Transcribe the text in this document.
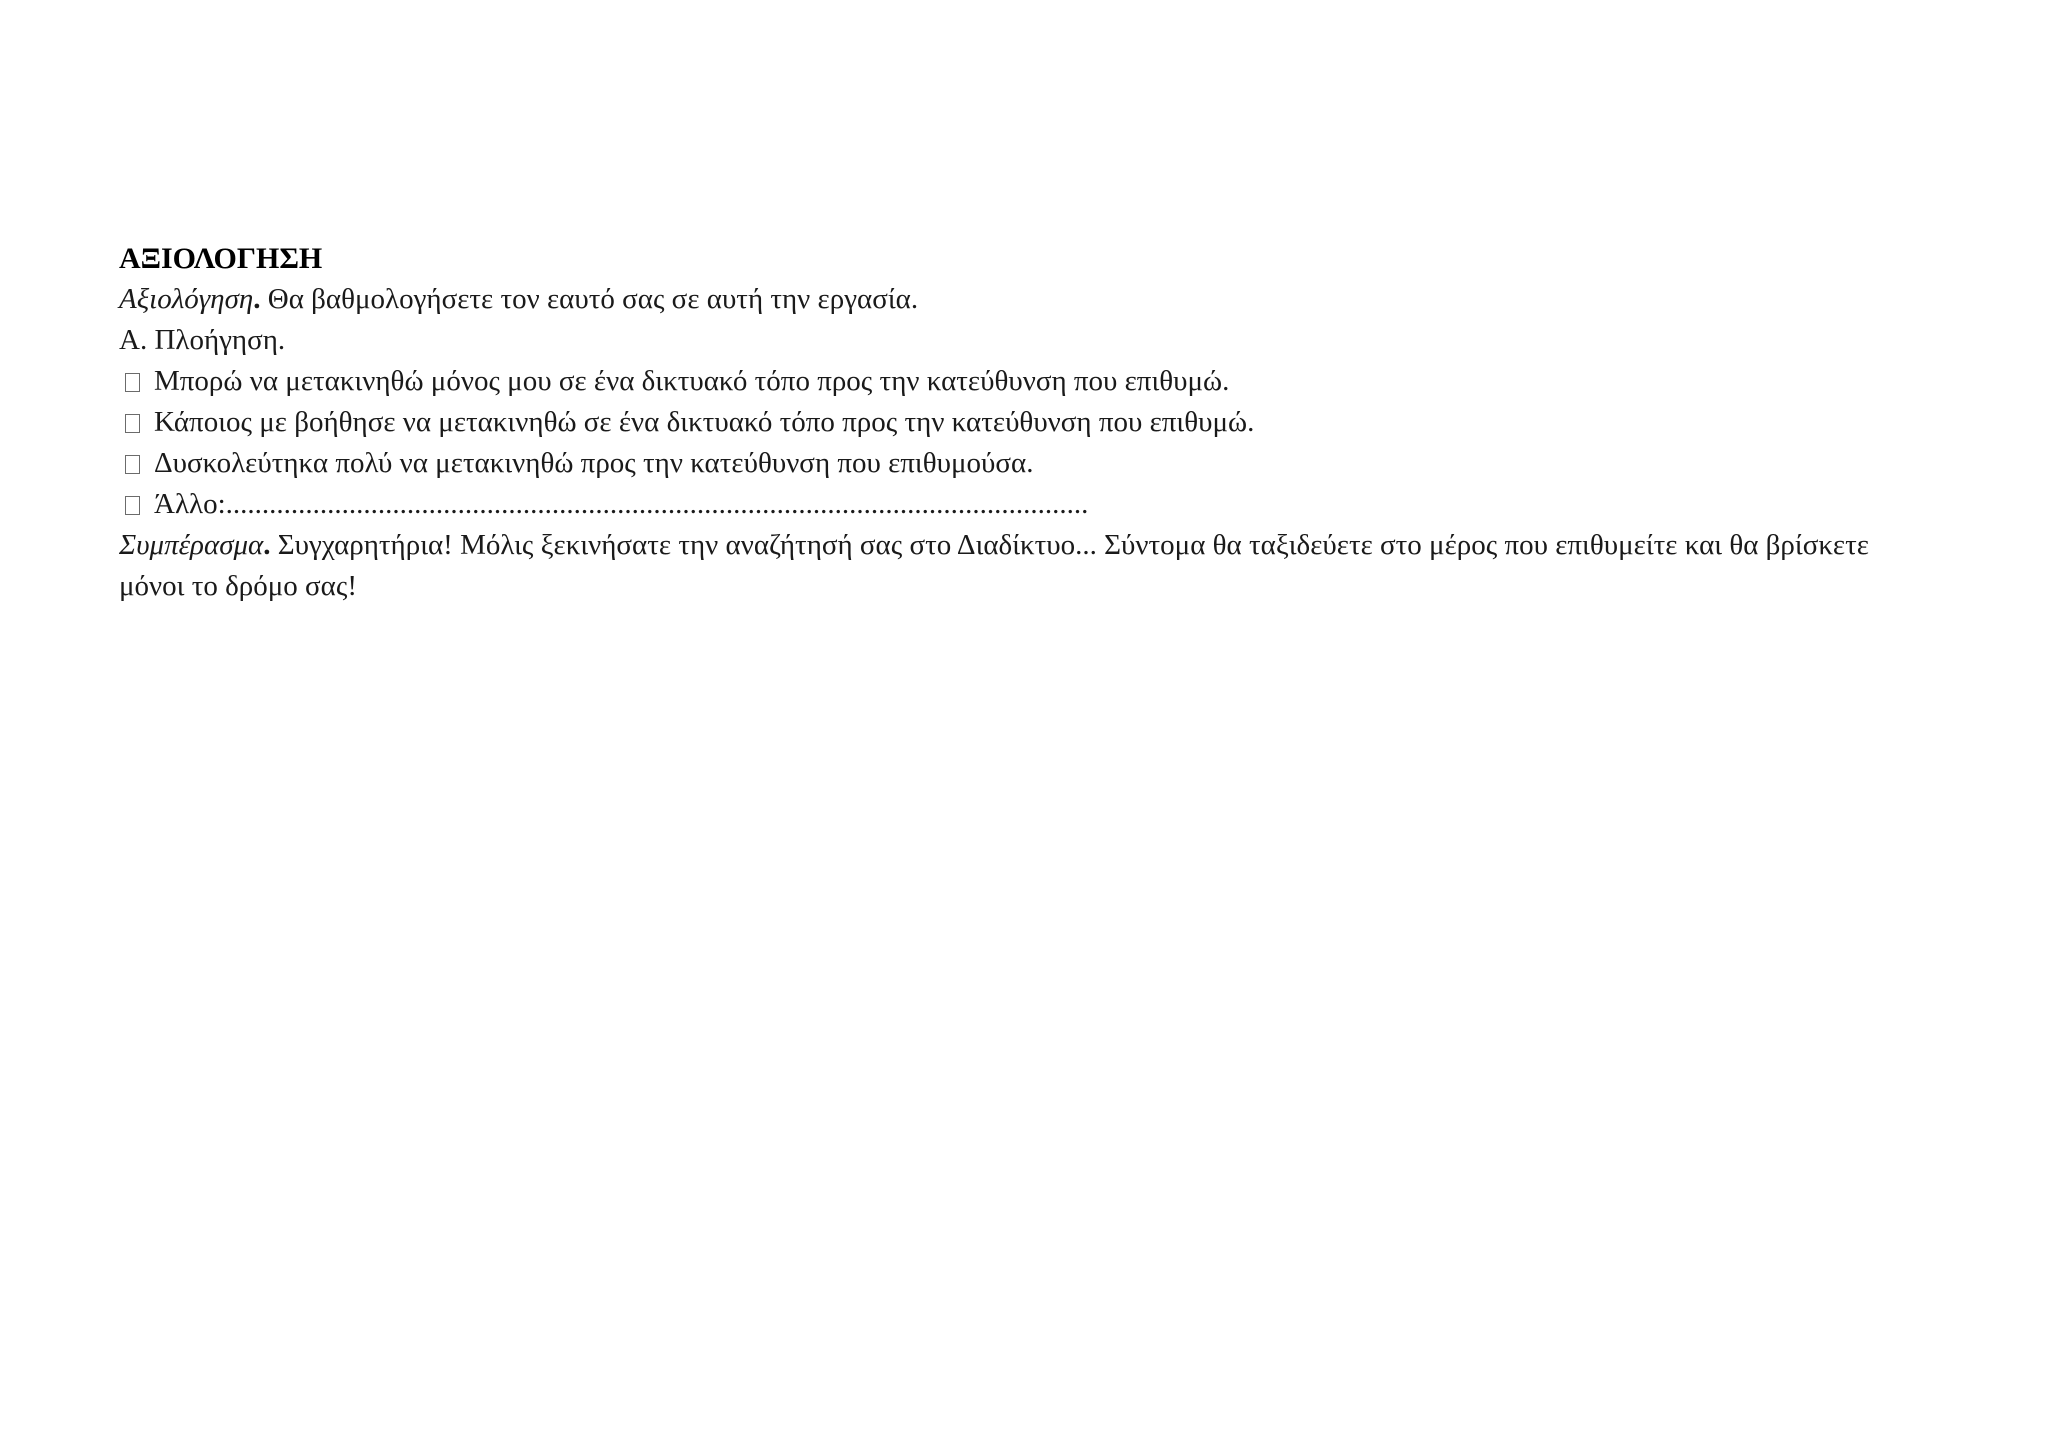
ΑΞΙΟΛΟΓΗΣΗ
Αξιολόγηση. Θα βαθμολογήσετε τον εαυτό σας σε αυτή την εργασία.
Α. Πλοήγηση.
Μπορώ να μετακινηθώ μόνος μου σε ένα δικτυακό τόπο προς την κατεύθυνση που επιθυμώ.
Κάποιος με βοήθησε να μετακινηθώ σε ένα δικτυακό τόπο προς την κατεύθυνση που επιθυμώ.
Δυσκολεύτηκα πολύ να μετακινηθώ προς την κατεύθυνση που επιθυμούσα.
Άλλο:.......................................................................................................................
Συμπέρασμα. Συγχαρητήρια! Μόλις ξεκινήσατε την αναζήτησή σας στο Διαδίκτυο... Σύντομα θα ταξιδεύετε στο μέρος που επιθυμείτε και θα βρίσκετε μόνοι το δρόμο σας!
